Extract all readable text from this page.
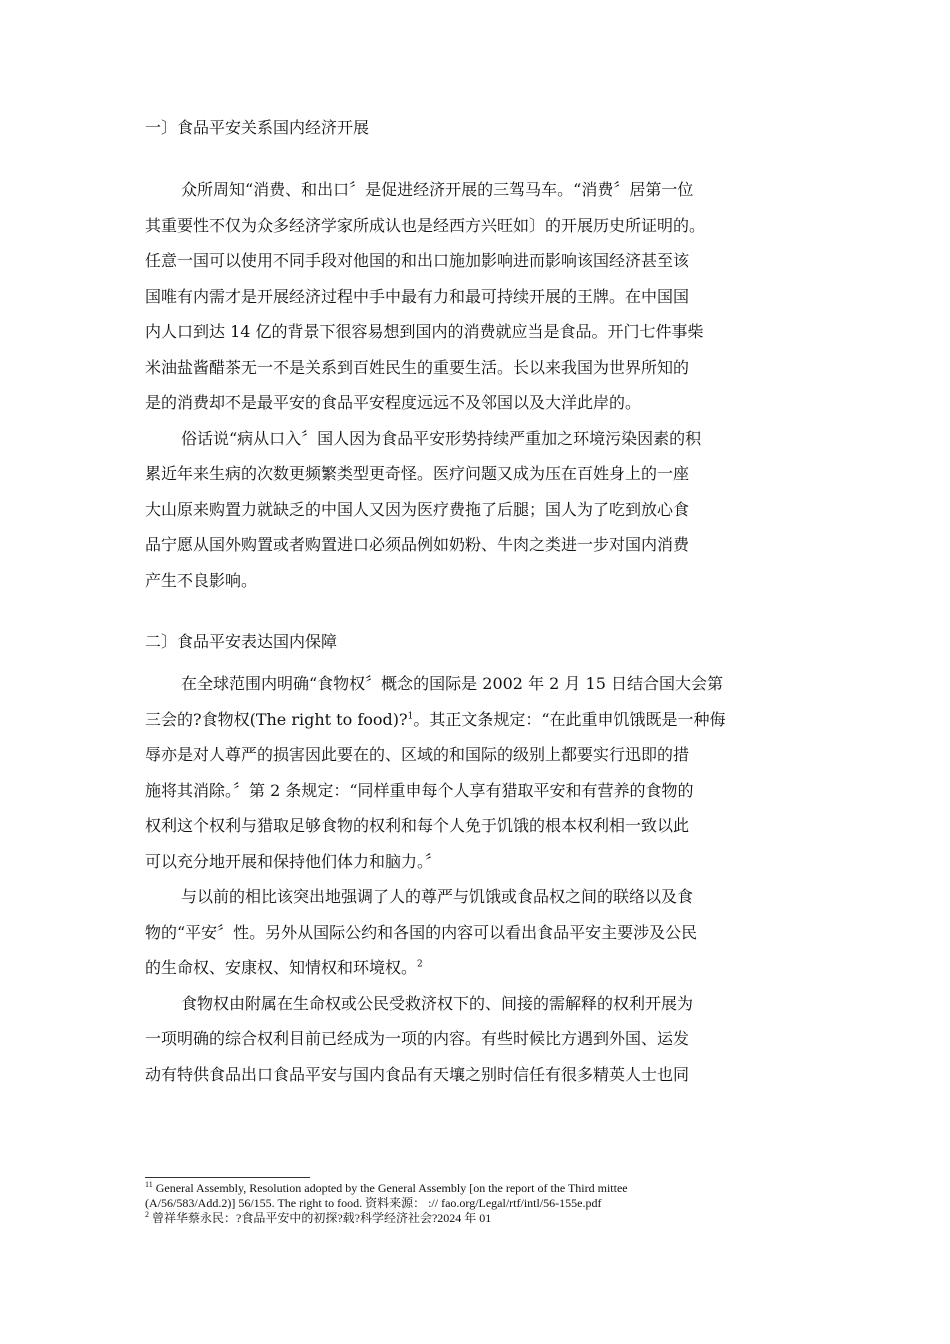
一〕食品平安关系国内经济开展

众所周知“消费、和出口〞是促进经济开展的三驾马车。“消费〞居第一位
其重要性不仅为众多经济学家所成认也是经西方兴旺如〕的开展历史所证明的。
任意一国可以使用不同手段对他国的和出口施加影响进而影响该国经济甚至该
国唯有内需才是开展经济过程中手中最有力和最可持续开展的王牌。在中国国
内人口到达 14 亿的背景下很容易想到国内的消费就应当是食品。开门七件事柴
米油盐酱醋茶无一不是关系到百姓民生的重要生活。长以来我国为世界所知的
是的消费却不是最平安的食品平安程度远远不及邻国以及大洋此岸的。

俗话说“病从口入〞国人因为食品平安形势持续严重加之环境污染因素的积
累近年来生病的次数更频繁类型更奇怪。医疗问题又成为压在百姓身上的一座
大山原来购置力就缺乏的中国人又因为医疗费拖了后腿；国人为了吃到放心食
品宁愿从国外购置或者购置进口必须品例如奶粉、牛肉之类进一步对国内消费
产生不良影响。

二〕食品平安表达国内保障

在全球范围内明确“食物权〞概念的国际是 2002 年 2 月 15 日结合国大会第
三会的?食物权(The right to food)?$^1$。其正文条规定：“在此重申饥饿既是一种侮
辱亦是对人尊严的损害因此要在的、区域的和国际的级别上都要实行迅即的措
施将其消除。〞第 2 条规定：“同样重申每个人享有猎取平安和有营养的食物的
权利这个权利与猎取足够食物的权利和每个人免于饥饿的根本权利相一致以此
可以充分地开展和保持他们体力和脑力。〞

与以前的相比该突出地强调了人的尊严与饥饿或食品权之间的联络以及食
物的“平安〞性。另外从国际公约和各国的内容可以看出食品平安主要涉及公民
的生命权、安康权、知情权和环境权。$^2$

食物权由附属在生命权或公民受救济权下的、间接的需解释的权利开展为
一项明确的综合权利目前已经成为一项的内容。有些时候比方遇到外国、运发
动有特供食品出口食品平安与国内食品有天壤之别时信任有很多精英人士也同

$^{11}$ General Assembly, Resolution adopted by the General Assembly [on the report of the Third mittee
(A/56/583/Add.2)] 56/155. The right to food. 资料来源： :// fao.org/Legal/rtf/intl/56-155e.pdf
$^2$ 曾祥华蔡永民：?食品平安中的初探?载?科学经济社会?2024 年 01
